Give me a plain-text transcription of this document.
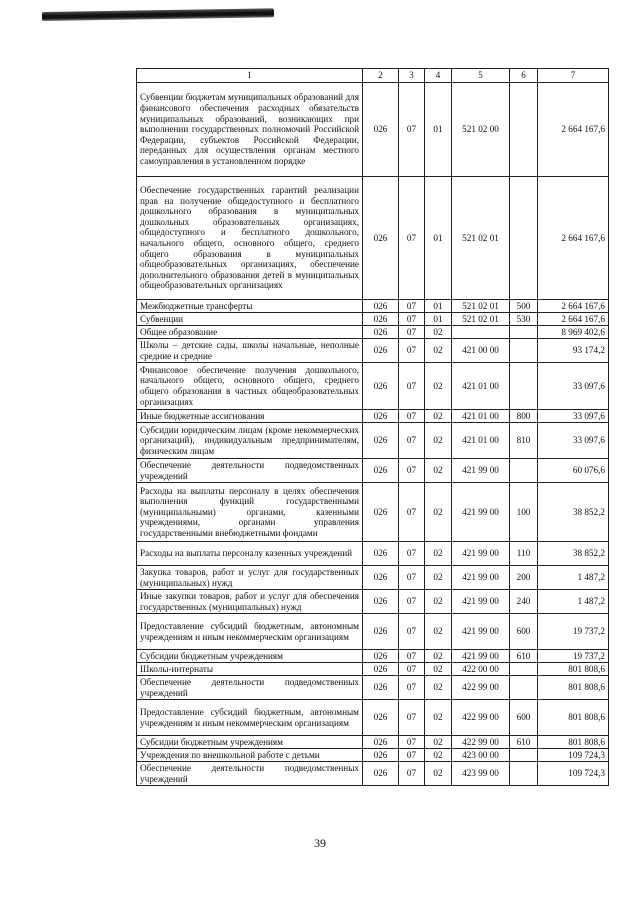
1	2	3	4	5	6	7
Субвенции бюджетам муниципальных образований для финансового обеспечения расходных обязательств муниципальных образований, возникающих при выполнении государственных полномочий Российской Федерации, субъектов Российской Федерации, переданных для осуществления органам местного самоуправления в установленном порядке	026	07	01	521 02 00		2 664 167,6
Обеспечение государственных гарантий реализации прав на получение общедоступного и бесплатного дошкольного образования в муниципальных дошкольных образовательных организациях, общедоступного и бесплатного дошкольного, начального общего, основного общего, среднего общего образования в муниципальных общеобразовательных организациях, обеспечение дополнительного образования детей в муниципальных общеобразовательных организациях	026	07	01	521 02 01		2 664 167,6
Межбюджетные трансферты	026	07	01	521 02 01	500	2 664 167,6
Субвенции	026	07	01	521 02 01	530	2 664 167,6
Общее образование	026	07	02			8 969 402,6
Школы – детские сады, школы начальные, неполные средние и средние	026	07	02	421 00 00		93 174,2
Финансовое обеспечение получения дошкольного, начального общего, основного общего, среднего общего образования в частных общеобразовательных организациях	026	07	02	421 01 00		33 097,6
Иные бюджетные ассигнования	026	07	02	421 01 00	800	33 097,6
Субсидии юридическим лицам (кроме некоммерческих организаций), индивидуальным предпринимателям, физическим лицам	026	07	02	421 01 00	810	33 097,6
Обеспечение деятельности подведомственных учреждений	026	07	02	421 99 00		60 076,6
Расходы на выплаты персоналу в целях обеспечения выполнения функций государственными (муниципальными) органами, казенными учреждениями, органами управления государственными внебюджетными фондами	026	07	02	421 99 00	100	38 852,2
Расходы на выплаты персоналу казенных учреждений	026	07	02	421 99 00	110	38 852,2
Закупка товаров, работ и услуг для государственных (муниципальных) нужд	026	07	02	421 99 00	200	1 487,2
Иные закупки товаров, работ и услуг для обеспечения государственных (муниципальных) нужд	026	07	02	421 99 00	240	1 487,2
Предоставление субсидий бюджетным, автономным учреждениям и иным некоммерческим организациям	026	07	02	421 99 00	600	19 737,2
Субсидии бюджетным учреждениям	026	07	02	421 99 00	610	19 737,2
Школы-интернаты	026	07	02	422 00 00		801 808,6
Обеспечение деятельности подведомственных учреждений	026	07	02	422 99 00		801 808,6
Предоставление субсидий бюджетным, автономным учреждениям и иным некоммерческим организациям	026	07	02	422 99 00	600	801 808,6
Субсидии бюджетным учреждениям	026	07	02	422 99 00	610	801 808,6
Учреждения по внешкольной работе с детьми	026	07	02	423 00 00		109 724,3
Обеспечение деятельности подведомственных учреждений	026	07	02	423 99 00		109 724,3
39
